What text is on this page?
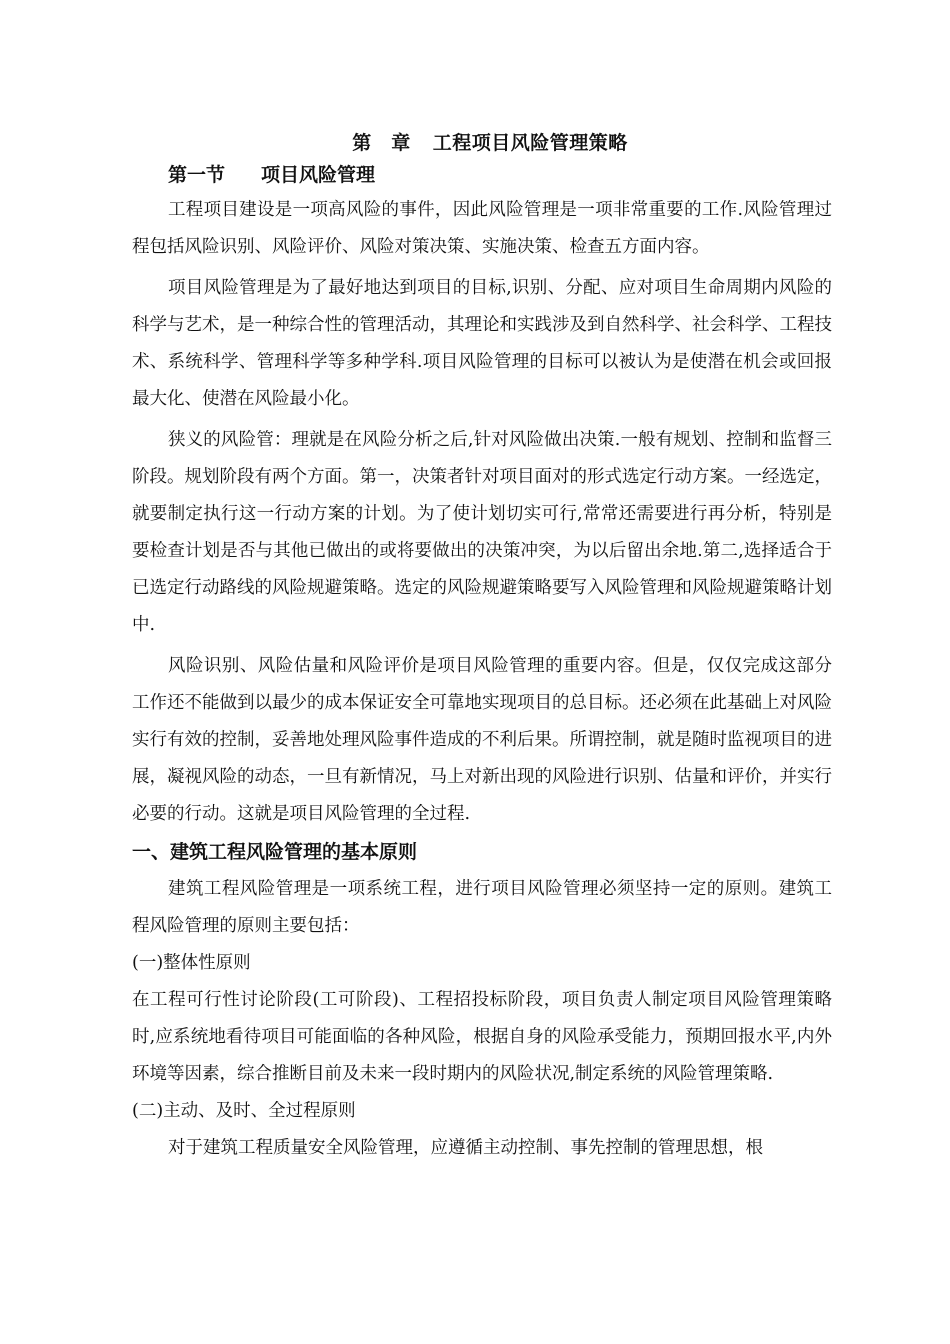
第　章 工程项目风险管理策略
第一节 项目风险管理

工程项目建设是一项高风险的事件，因此风险管理是一项非常重要的工作.风险管理过程包括风险识别、风险评价、风险对策决策、实施决策、检查五方面内容。

项目风险管理是为了最好地达到项目的目标,识别、分配、应对项目生命周期内风险的科学与艺术，是一种综合性的管理活动，其理论和实践涉及到自然科学、社会科学、工程技术、系统科学、管理科学等多种学科.项目风险管理的目标可以被认为是使潜在机会或回报最大化、使潜在风险最小化。

狭义的风险管：理就是在风险分析之后,针对风险做出决策.一般有规划、控制和监督三阶段。规划阶段有两个方面。第一，决策者针对项目面对的形式选定行动方案。一经选定，就要制定执行这一行动方案的计划。为了使计划切实可行,常常还需要进行再分析，特别是要检查计划是否与其他已做出的或将要做出的决策冲突，为以后留出余地.第二,选择适合于已选定行动路线的风险规避策略。选定的风险规避策略要写入风险管理和风险规避策略计划中.

风险识别、风险估量和风险评价是项目风险管理的重要内容。但是，仅仅完成这部分工作还不能做到以最少的成本保证安全可靠地实现项目的总目标。还必须在此基础上对风险实行有效的控制，妥善地处理风险事件造成的不利后果。所谓控制，就是随时监视项目的进展，凝视风险的动态，一旦有新情况，马上对新出现的风险进行识别、估量和评价，并实行必要的行动。这就是项目风险管理的全过程.

一、建筑工程风险管理的基本原则

建筑工程风险管理是一项系统工程，进行项目风险管理必须坚持一定的原则。建筑工程风险管理的原则主要包括：

(一)整体性原则

在工程可行性讨论阶段(工可阶段)、工程招投标阶段，项目负责人制定项目风险管理策略时,应系统地看待项目可能面临的各种风险，根据自身的风险承受能力，预期回报水平,内外环境等因素，综合推断目前及未来一段时期内的风险状况,制定系统的风险管理策略.

(二)主动、及时、全过程原则

对于建筑工程质量安全风险管理，应遵循主动控制、事先控制的管理思想，根
